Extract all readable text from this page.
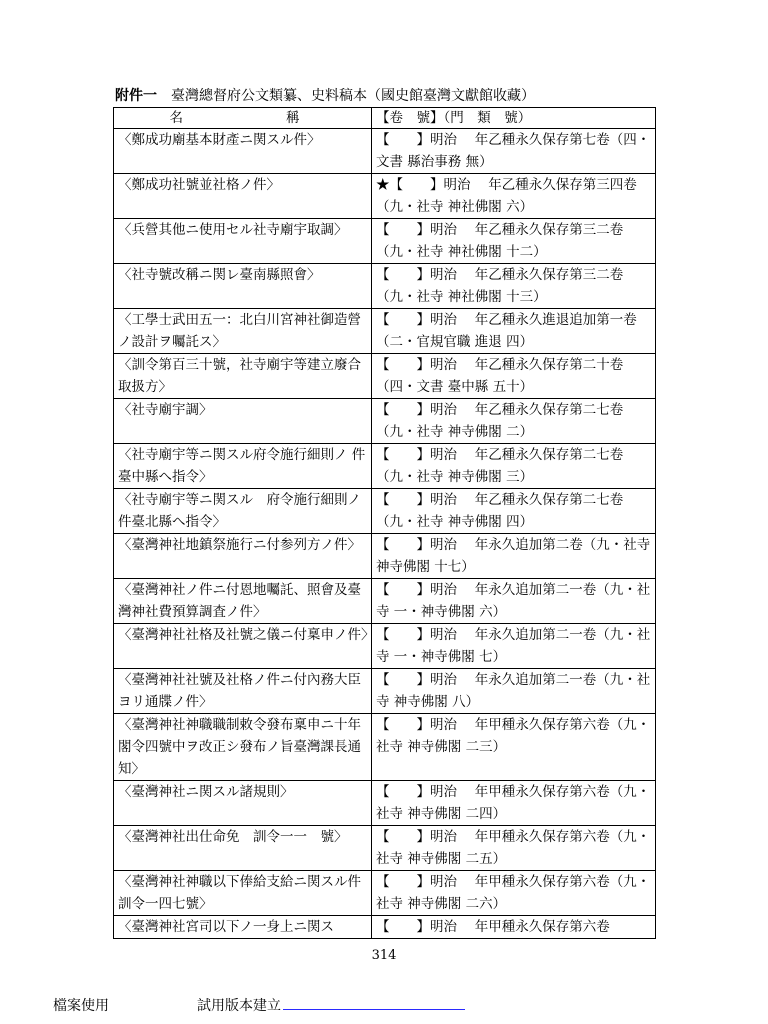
附件一　臺灣總督府公文類纂、史料稿本（國史館臺灣文獻館收藏）
名 稱	【卷　號】（門　類　號）
〈鄭成功廟基本財產ニ関スル件〉	【　　】明治　 年乙種永久保存第七卷（四・文書 縣治事務 無）
〈鄭成功社號並社格ノ件〉	★【　　】明治　 年乙種永久保存第三四卷（九・社寺 神社佛閣 六）
〈兵營其他ニ使用セル社寺廟宇取調〉	【　　】明治　 年乙種永久保存第三二卷（九・社寺 神社佛閣 十二）
〈社寺號改稱ニ関レ臺南縣照會〉	【　　】明治　 年乙種永久保存第三二卷（九・社寺 神社佛閣 十三）
〈工學士武田五一：北白川宮神社御造營ノ設計ヲ囑託ス〉	【　　】明治　 年乙種永久進退追加第一卷（二・官規官職 進退 四）
〈訓令第百三十號，社寺廟宇等建立廢合取扱方〉	【　　】明治　 年乙種永久保存第二十卷（四・文書 臺中縣 五十）
〈社寺廟宇調〉	【　　】明治　 年乙種永久保存第二七卷（九・社寺 神寺佛閣 二）
〈社寺廟宇等ニ関スル府令施行細則ノ 件臺中縣へ指令〉	【　　】明治　 年乙種永久保存第二七卷（九・社寺 神寺佛閣 三）
〈社寺廟宇等ニ関スル　府令施行細則ノ 件臺北縣へ指令〉	【　　】明治　 年乙種永久保存第二七卷（九・社寺 神寺佛閣 四）
〈臺灣神社地鎮祭施行ニ付参列方ノ件〉	【　　】明治　 年永久追加第二卷（九・社寺 神寺佛閣 十七）
〈臺灣神社ノ件ニ付恩地囑託、照會及臺灣神社費預算調査ノ件〉	【　　】明治　 年永久追加第二一卷（九・社寺 一・神寺佛閣 六）
〈臺灣神社社格及社號之儀ニ付稟申ノ件〉	【　　】明治　 年永久追加第二一卷（九・社寺 一・神寺佛閣 七）
〈臺灣神社社號及社格ノ件ニ付內務大臣ヨリ通牒ノ件〉	【　　】明治　 年永久追加第二一卷（九・社寺 神寺佛閣 八）
〈臺灣神社神職職制敕令發布稟申ニ十年閣令四號中ヲ改正シ發布ノ旨臺灣課長通知〉	【　　】明治　 年甲種永久保存第六卷（九・社寺 神寺佛閣 二三）
〈臺灣神社ニ関スル諸規則〉	【　　】明治　 年甲種永久保存第六卷（九・社寺 神寺佛閣 二四）
〈臺灣神社出仕命免　訓令一一　號〉	【　　】明治　 年甲種永久保存第六卷（九・社寺 神寺佛閣 二五）
〈臺灣神社神職以下俸給支給ニ関スル件　訓令一四七號〉	【　　】明治　 年甲種永久保存第六卷（九・社寺 神寺佛閣 二六）
〈臺灣神社宮司以下ノ一身上ニ関ス	【　　】明治　 年甲種永久保存第六卷
314
檔案使用	試用版本建立
